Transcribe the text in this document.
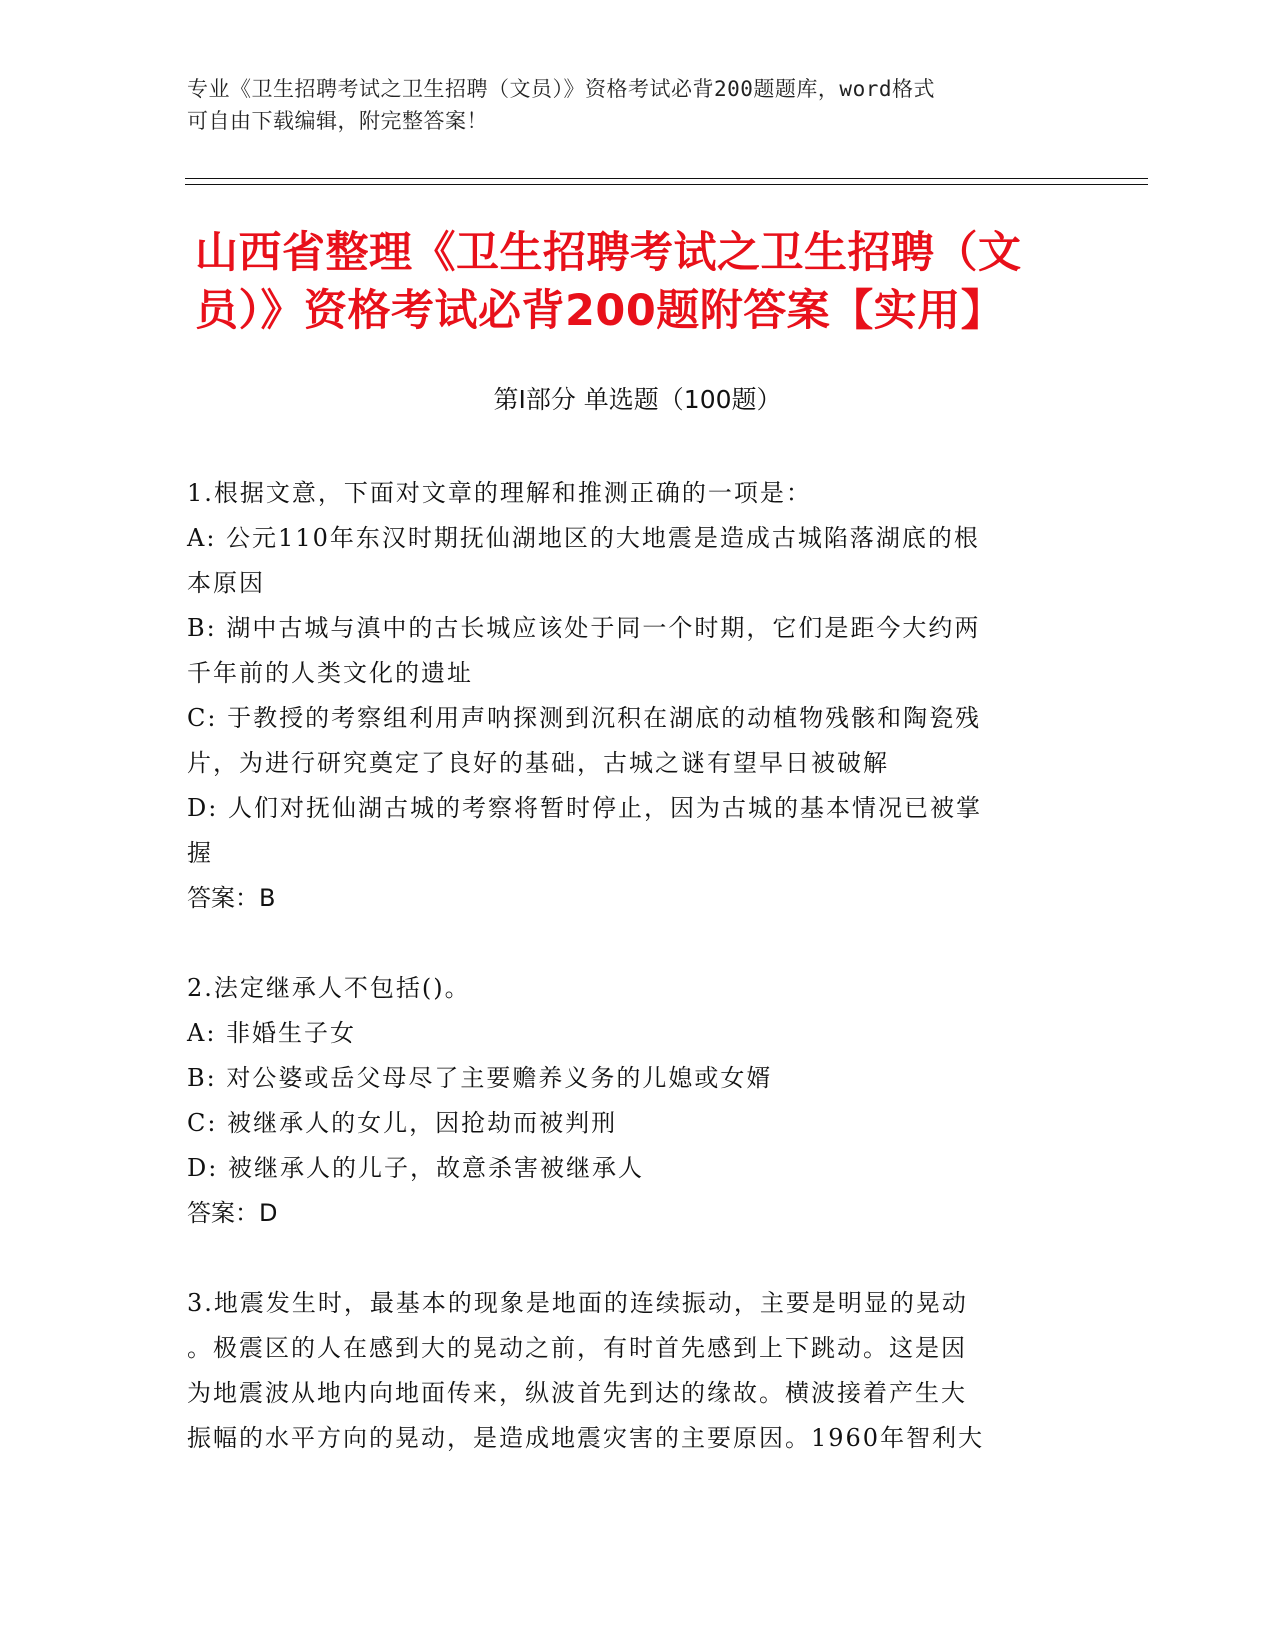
专业《卫生招聘考试之卫生招聘（文员）》资格考试必背200题题库，word格式
可自由下载编辑，附完整答案！
山西省整理《卫生招聘考试之卫生招聘（文
员）》资格考试必背200题附答案【实用】
第Ⅰ部分 单选题（100题）
1.根据文意，下面对文章的理解和推测正确的一项是：
A: 公元110年东汉时期抚仙湖地区的大地震是造成古城陷落湖底的根
本原因
B: 湖中古城与滇中的古长城应该处于同一个时期，它们是距今大约两
千年前的人类文化的遗址
C: 于教授的考察组利用声呐探测到沉积在湖底的动植物残骸和陶瓷残
片，为进行研究奠定了良好的基础，古城之谜有望早日被破解
D: 人们对抚仙湖古城的考察将暂时停止，因为古城的基本情况已被掌
握
答案：B
2.法定继承人不包括()。
A: 非婚生子女
B: 对公婆或岳父母尽了主要赡养义务的儿媳或女婿
C: 被继承人的女儿，因抢劫而被判刑
D: 被继承人的儿子，故意杀害被继承人
答案：D
3.地震发生时，最基本的现象是地面的连续振动，主要是明显的晃动
。极震区的人在感到大的晃动之前，有时首先感到上下跳动。这是因
为地震波从地内向地面传来，纵波首先到达的缘故。横波接着产生大
振幅的水平方向的晃动，是造成地震灾害的主要原因。1960年智利大
